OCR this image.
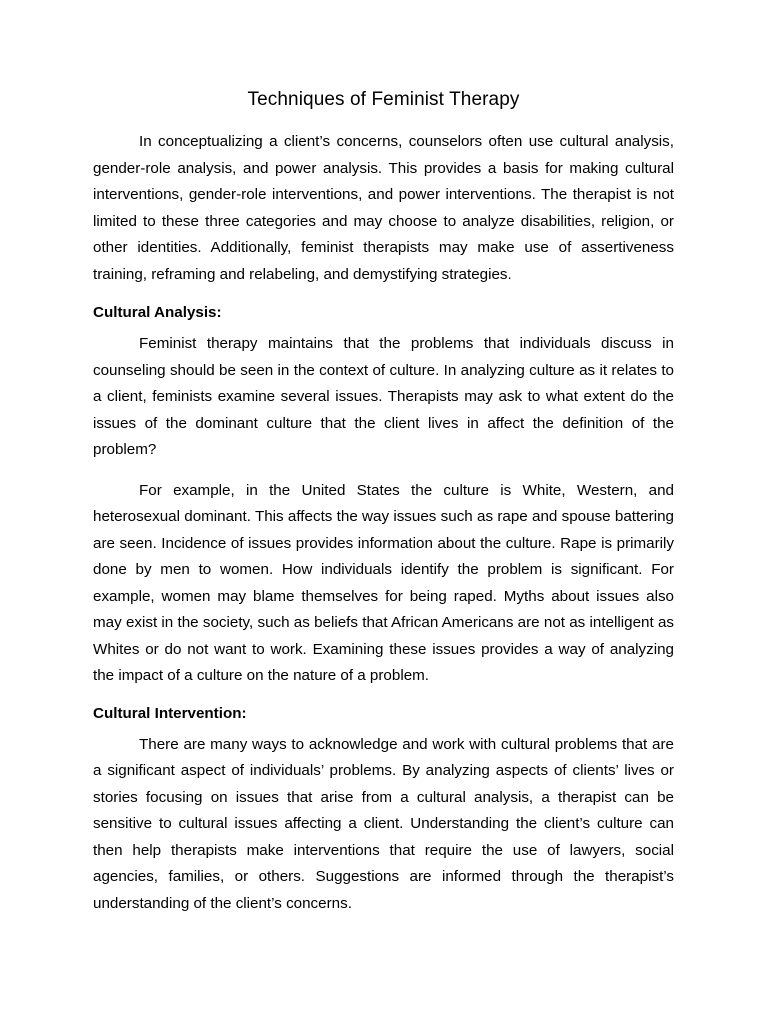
Techniques of Feminist Therapy

In conceptualizing a client’s concerns, counselors often use cultural analysis, gender-role analysis, and power analysis. This provides a basis for making cultural interventions, gender-role interventions, and power interventions. The therapist is not limited to these three categories and may choose to analyze disabilities, religion, or other identities. Additionally, feminist therapists may make use of assertiveness training, reframing and relabeling, and demystifying strategies.

Cultural Analysis:

Feminist therapy maintains that the problems that individuals discuss in counseling should be seen in the context of culture. In analyzing culture as it relates to a client, feminists examine several issues. Therapists may ask to what extent do the issues of the dominant culture that the client lives in affect the definition of the problem?

For example, in the United States the culture is White, Western, and heterosexual dominant. This affects the way issues such as rape and spouse battering are seen. Incidence of issues provides information about the culture. Rape is primarily done by men to women. How individuals identify the problem is significant. For example, women may blame themselves for being raped. Myths about issues also may exist in the society, such as beliefs that African Americans are not as intelligent as Whites or do not want to work. Examining these issues provides a way of analyzing the impact of a culture on the nature of a problem.

Cultural Intervention:

There are many ways to acknowledge and work with cultural problems that are a significant aspect of individuals’ problems. By analyzing aspects of clients’ lives or stories focusing on issues that arise from a cultural analysis, a therapist can be sensitive to cultural issues affecting a client. Understanding the client’s culture can then help therapists make interventions that require the use of lawyers, social agencies, families, or others. Suggestions are informed through the therapist’s understanding of the client’s concerns.
